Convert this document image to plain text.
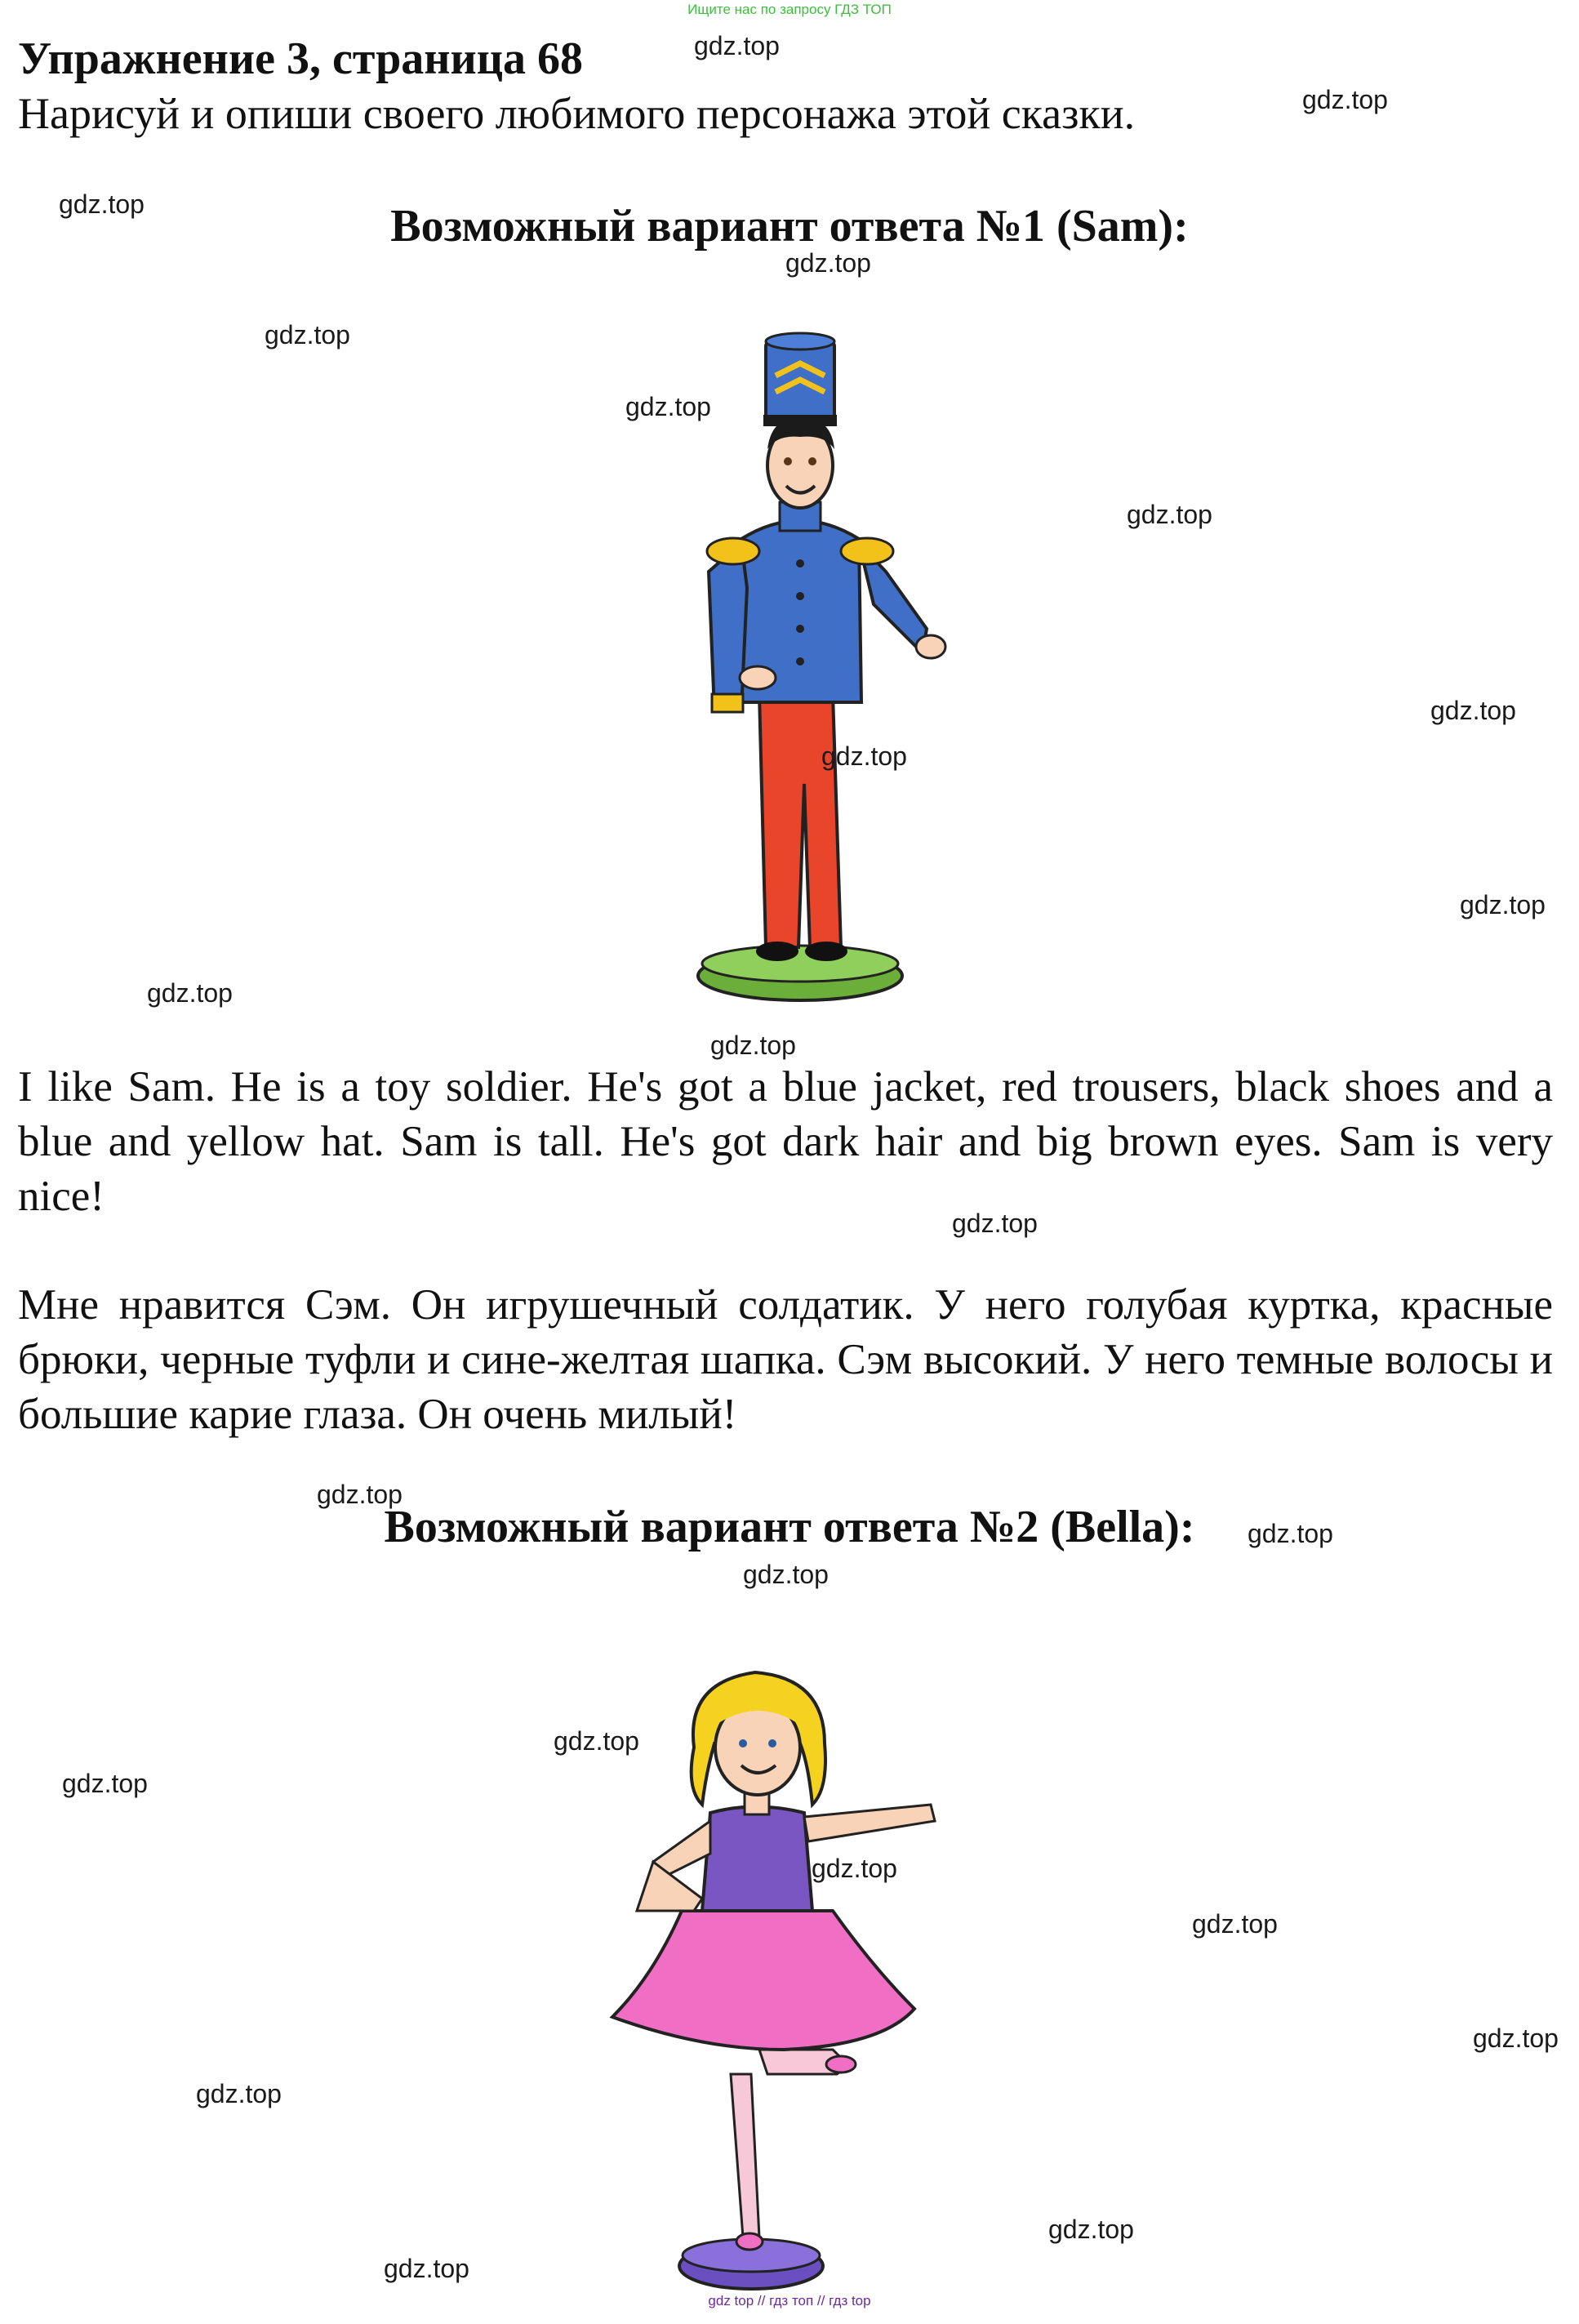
Ищите нас по запросу ГДЗ ТОП
Упражнение 3, страница 68
Нарисуй и опиши своего любимого персонажа этой сказки.
Возможный вариант ответа №1 (Sam):
I like Sam. He is a toy soldier. He's got a blue jacket, red trousers, black shoes and a blue and yellow hat. Sam is tall. He's got dark hair and big brown eyes. Sam is very nice!
Мне нравится Сэм. Он игрушечный солдатик. У него голубая куртка, красные брюки, черные туфли и сине-желтая шапка. Сэм высокий. У него темные волосы и большие карие глаза. Он очень милый!
Возможный вариант ответа №2 (Bella):
gdz.top
gdz.top
gdz.top
gdz.top
gdz.top
gdz.top
gdz.top
gdz.top
gdz.top
gdz.top
gdz.top
gdz.top
gdz.top
gdz.top
gdz.top
gdz.top
gdz.top
gdz.top
gdz.top
gdz.top
gdz.top
gdz.top
gdz.top
gdz.top
gdz top // гдз топ // гдз top
